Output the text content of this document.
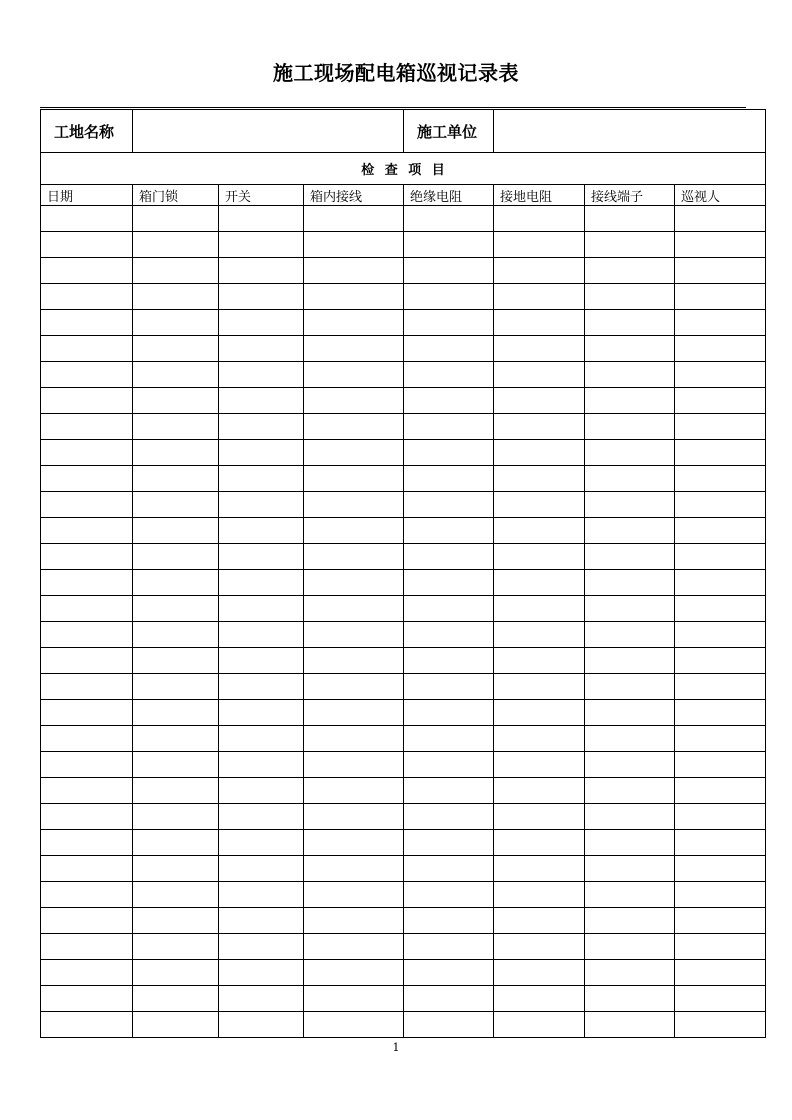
施工现场配电箱巡视记录表
工地名称				施工单位			
检 查 项 目							
日期	箱门锁	开关	箱内接线	绝缘电阻	接地电阻	接线端子	巡视人

1
